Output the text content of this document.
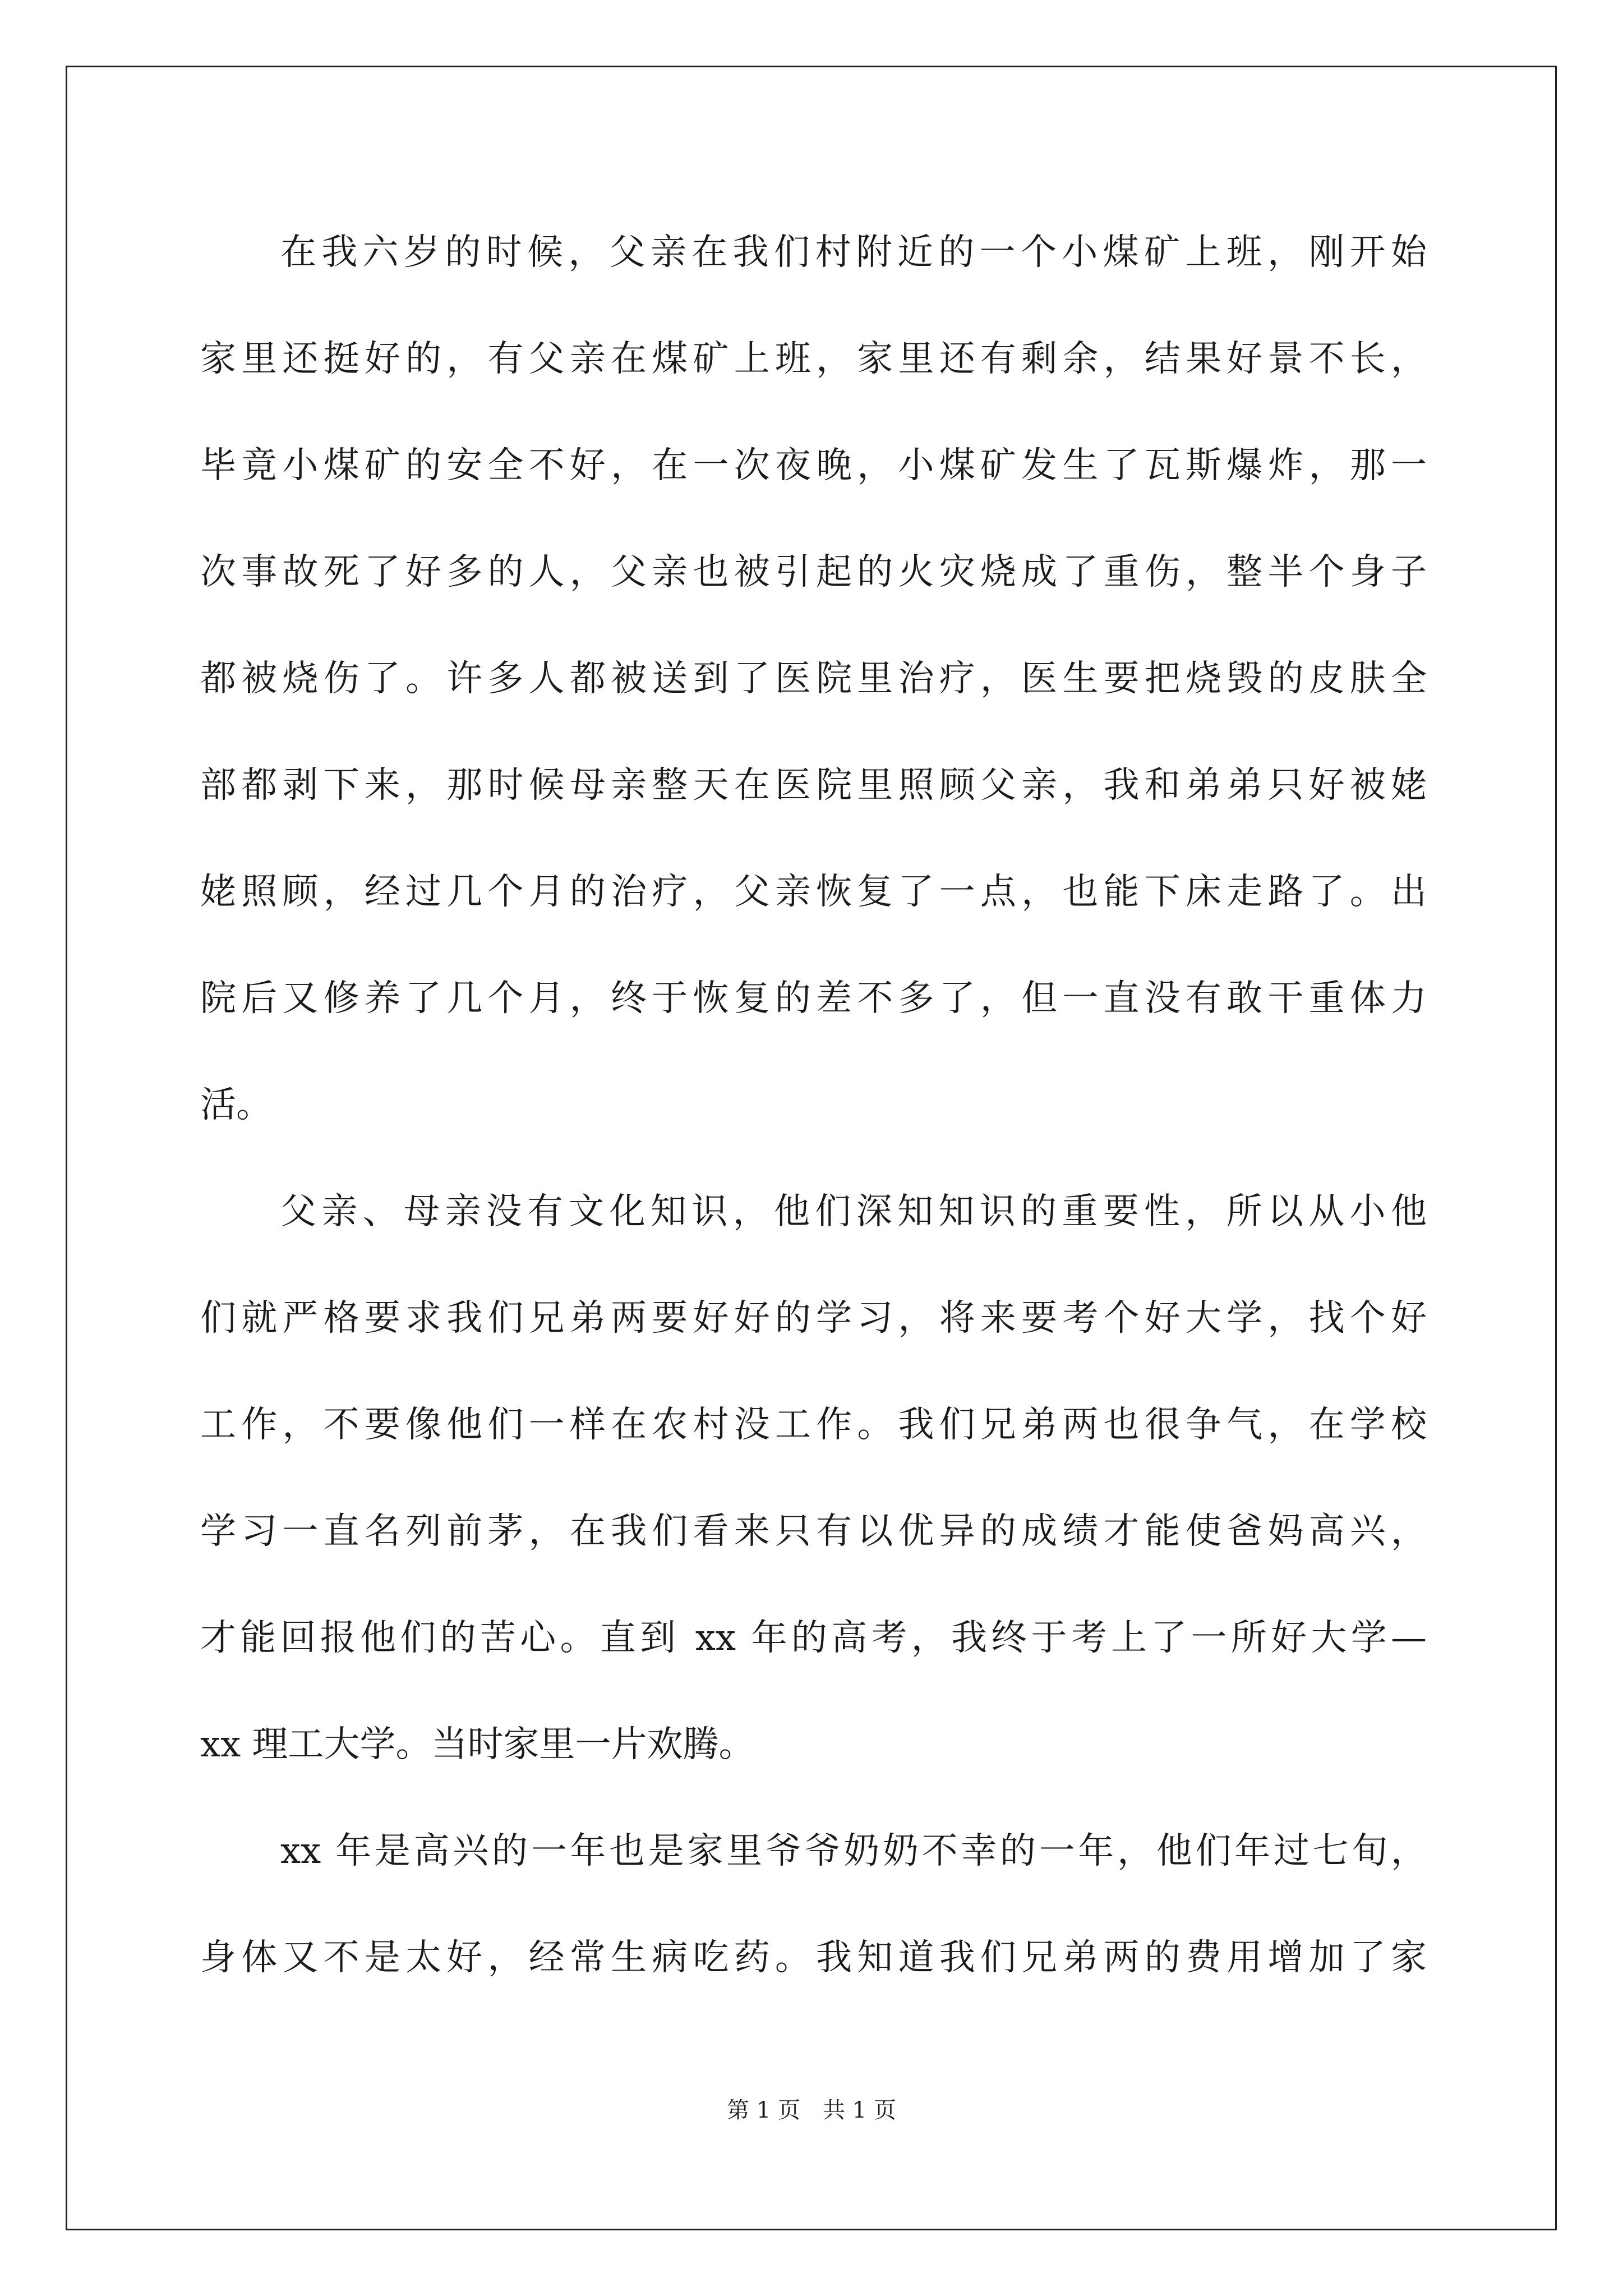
在我六岁的时候，父亲在我们村附近的一个小煤矿上班，刚开始
家里还挺好的，有父亲在煤矿上班，家里还有剩余，结果好景不长，
毕竟小煤矿的安全不好，在一次夜晚，小煤矿发生了瓦斯爆炸，那一
次事故死了好多的人，父亲也被引起的火灾烧成了重伤，整半个身子
都被烧伤了。许多人都被送到了医院里治疗，医生要把烧毁的皮肤全
部都剥下来，那时候母亲整天在医院里照顾父亲，我和弟弟只好被姥
姥照顾，经过几个月的治疗，父亲恢复了一点，也能下床走路了。出
院后又修养了几个月，终于恢复的差不多了，但一直没有敢干重体力
活。
父亲、母亲没有文化知识，他们深知知识的重要性，所以从小他
们就严格要求我们兄弟两要好好的学习，将来要考个好大学，找个好
工作，不要像他们一样在农村没工作。我们兄弟两也很争气，在学校
学习一直名列前茅，在我们看来只有以优异的成绩才能使爸妈高兴，
才能回报他们的苦心。直到 xx 年的高考，我终于考上了一所好大学—
xx 理工大学。当时家里一片欢腾。
xx 年是高兴的一年也是家里爷爷奶奶不幸的一年，他们年过七旬，
身体又不是太好，经常生病吃药。我知道我们兄弟两的费用增加了家
第 1 页　共 1 页
